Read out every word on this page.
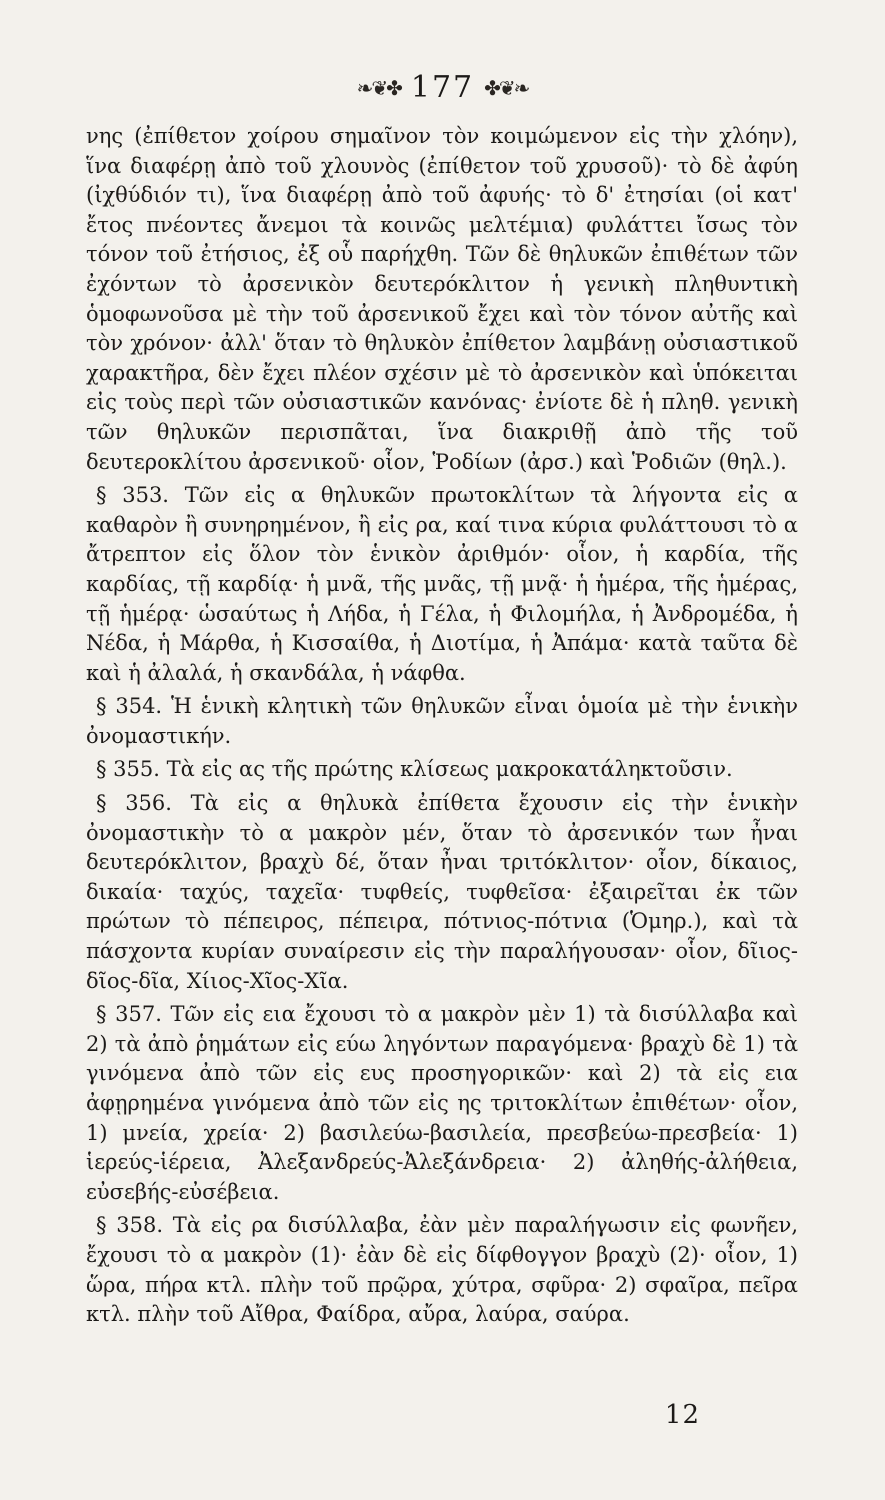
❧❦✤ 177 ✤❦❧

νης (ἐπίθετον χοίρου σημαῖνον τὸν κοιμώμενον εἰς τὴν χλόην), ἵνα διαφέρῃ ἀπὸ τοῦ χλουνὸς (ἐπίθετον τοῦ χρυσοῦ)· τὸ δὲ ἀφύη (ἰχθύδιόν τι), ἵνα διαφέρῃ ἀπὸ τοῦ ἀφυής· τὸ δ' ἐτησίαι (οἱ κατ' ἔτος πνέοντες ἄνεμοι τὰ κοινῶς μελτέμια) φυλάττει ἴσως τὸν τόνον τοῦ ἐτήσιος, ἐξ οὗ παρήχθη. Τῶν δὲ θηλυκῶν ἐπιθέτων τῶν ἐχόντων τὸ ἀρσενικὸν δευτερόκλιτον ἡ γενικὴ πληθυντικὴ ὁμοφωνοῦσα μὲ τὴν τοῦ ἀρσενικοῦ ἔχει καὶ τὸν τόνον αὐτῆς καὶ τὸν χρόνον· ἀλλ' ὅταν τὸ θηλυκὸν ἐπίθετον λαμβάνῃ οὐσιαστικοῦ χαρακτῆρα, δὲν ἔχει πλέον σχέσιν μὲ τὸ ἀρσενικὸν καὶ ὑπόκειται εἰς τοὺς περὶ τῶν οὐσιαστικῶν κανόνας· ἐνίοτε δὲ ἡ πληθ. γενικὴ τῶν θηλυκῶν περισπᾶται, ἵνα διακριθῇ ἀπὸ τῆς τοῦ δευτεροκλίτου ἀρσενικοῦ· οἷον, Ῥοδίων (ἀρσ.) καὶ Ῥοδιῶν (θηλ.).

§ 353. Τῶν εἰς α θηλυκῶν πρωτοκλίτων τὰ λήγοντα εἰς α καθαρὸν ἢ συνηρημένον, ἢ εἰς ρα, καί τινα κύρια φυλάττουσι τὸ α ἄτρεπτον εἰς ὅλον τὸν ἑνικὸν ἀριθμόν· οἷον, ἡ καρδία, τῆς καρδίας, τῇ καρδίᾳ· ἡ μνᾶ, τῆς μνᾶς, τῇ μνᾷ· ἡ ἡμέρα, τῆς ἡμέρας, τῇ ἡμέρᾳ· ὡσαύτως ἡ Λήδα, ἡ Γέλα, ἡ Φιλομήλα, ἡ Ἀνδρομέδα, ἡ Νέδα, ἡ Μάρθα, ἡ Κισσαίθα, ἡ Διοτίμα, ἡ Ἀπάμα· κατὰ ταῦτα δὲ καὶ ἡ ἀλαλά, ἡ σκανδάλα, ἡ νάφθα.

§ 354. Ἡ ἑνικὴ κλητικὴ τῶν θηλυκῶν εἶναι ὁμοία μὲ τὴν ἑνικὴν ὀνομαστικήν.

§ 355. Τὰ εἰς ας τῆς πρώτης κλίσεως μακροκατάληκτοῦσιν.

§ 356. Τὰ εἰς α θηλυκὰ ἐπίθετα ἔχουσιν εἰς τὴν ἑνικὴν ὀνομαστικὴν τὸ α μακρὸν μέν, ὅταν τὸ ἀρσενικόν των ἦναι δευτερόκλιτον, βραχὺ δέ, ὅταν ἦναι τριτόκλιτον· οἷον, δίκαιος, δικαία· ταχύς, ταχεῖα· τυφθείς, τυφθεῖσα· ἐξαιρεῖται ἐκ τῶν πρώτων τὸ πέπειρος, πέπειρα, πότνιος-πότνια (Ὁμηρ.), καὶ τὰ πάσχοντα κυρίαν συναίρεσιν εἰς τὴν παραλήγουσαν· οἷον, δῖιος-δῖος-δῖα, Χίιος-Χῖος-Χῖα.

§ 357. Τῶν εἰς εια ἔχουσι τὸ α μακρὸν μὲν 1) τὰ δισύλλαβα καὶ 2) τὰ ἀπὸ ῥημάτων εἰς εύω ληγόντων παραγόμενα· βραχὺ δὲ 1) τὰ γινόμενα ἀπὸ τῶν εἰς ευς προσηγορικῶν· καὶ 2) τὰ εἰς εια ἀφῃρημένα γινόμενα ἀπὸ τῶν εἰς ης τριτοκλίτων ἐπιθέτων· οἷον, 1) μνεία, χρεία· 2) βασιλεύω-βασιλεία, πρεσβεύω-πρεσβεία· 1) ἱερεύς-ἱέρεια, Ἀλεξανδρεύς-Ἀλεξάνδρεια· 2) ἀληθής-ἀλήθεια, εὐσεβής-εὐσέβεια.

§ 358. Τὰ εἰς ρα δισύλλαβα, ἐὰν μὲν παραλήγωσιν εἰς φωνῆεν, ἔχουσι τὸ α μακρὸν (1)· ἐὰν δὲ εἰς δίφθογγον βραχὺ (2)· οἷον, 1) ὥρα, πήρα κτλ. πλὴν τοῦ πρῷρα, χύτρα, σφῦρα· 2) σφαῖρα, πεῖρα κτλ. πλὴν τοῦ Αἴθρα, Φαίδρα, αὔρα, λαύρα, σαύρα.

12
